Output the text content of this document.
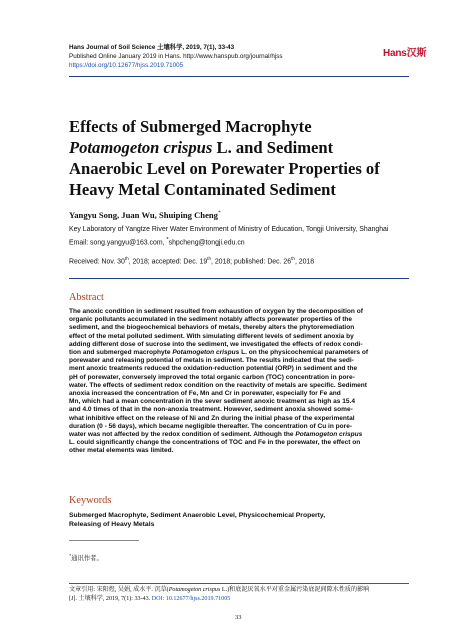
Hans Journal of Soil Science 土壤科学, 2019, 7(1), 33-43
Published Online January 2019 in Hans. http://www.hanspub.org/journal/hjss
https://doi.org/10.12677/hjss.2019.71005
Hans汉斯
Effects of Submerged Macrophyte
Potamogeton crispus L. and Sediment
Anaerobic Level on Porewater Properties of
Heavy Metal Contaminated Sediment
Yangyu Song, Juan Wu, Shuiping Cheng*
Key Laboratory of Yangtze River Water Environment of Ministry of Education, Tongji University, Shanghai
Email: song.yangyu@163.com, *shpcheng@tongji.edu.cn
Received: Nov. 30th, 2018; accepted: Dec. 19th, 2018; published: Dec. 26th, 2018
Abstract
The anoxic condition in sediment resulted from exhaustion of oxygen by the decomposition of
organic pollutants accumulated in the sediment notably affects porewater properties of the
sediment, and the biogeochemical behaviors of metals, thereby alters the phytoremediation
effect of the metal polluted sediment. With simulating different levels of sediment anoxia by
adding different dose of sucrose into the sediment, we investigated the effects of redox condi-
tion and submerged macrophyte Potamogeton crispus L. on the physicochemical parameters of
porewater and releasing potential of metals in sediment. The results indicated that the sedi-
ment anoxic treatments reduced the oxidation-reduction potential (ORP) in sediment and the
pH of porewater, conversely improved the total organic carbon (TOC) concentration in pore-
water. The effects of sediment redox condition on the reactivity of metals are specific. Sediment
anoxia increased the concentration of Fe, Mn and Cr in porewater, especially for Fe and
Mn, which had a mean concentration in the sever sediment anoxic treatment as high as 15.4
and 4.0 times of that in the non-anoxia treatment. However, sediment anoxia showed some-
what inhibitive effect on the release of Ni and Zn during the initial phase of the experimental
duration (0 - 56 days), which became negligible thereafter. The concentration of Cu in pore-
water was not affected by the redox condition of sediment. Although the Potamogeton crispus
L. could significantly change the concentrations of TOC and Fe in the porewater, the effect on
other metal elements was limited.
Keywords
Submerged Macrophyte, Sediment Anaerobic Level, Physicochemical Property,
Releasing of Heavy Metals
*通讯作者。
文章引用: 宋阳煜, 吴娟, 成水平. 沉草(Potamogeton crispus L.)和底泥厌氧水平对重金属污染底泥间隙水性质的影响
[J]. 土壤科学, 2019, 7(1): 33-43. DOI: 10.12677/hjss.2019.71005
33
